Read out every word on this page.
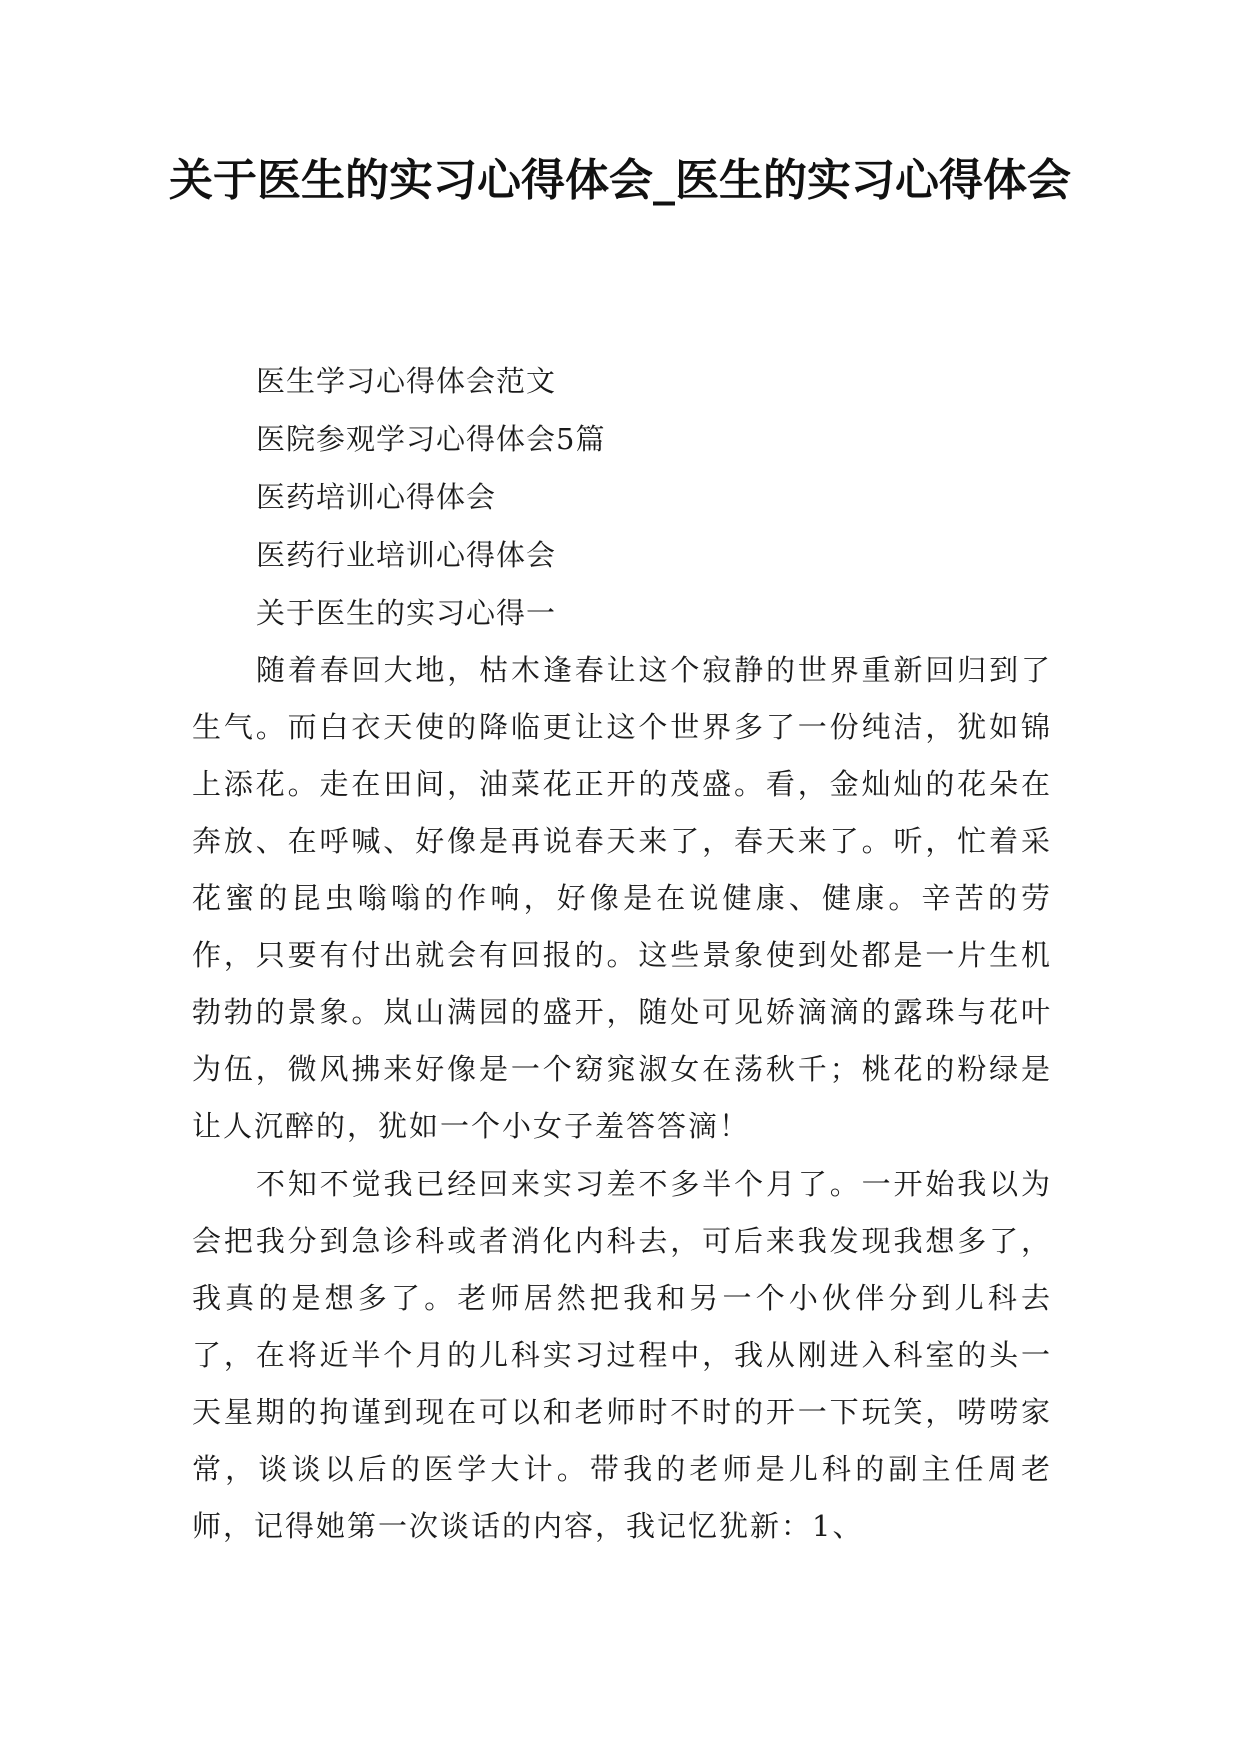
关于医生的实习心得体会_医生的实习心得体会
医生学习心得体会范文
医院参观学习心得体会5篇
医药培训心得体会
医药行业培训心得体会
关于医生的实习心得一

随着春回大地，枯木逢春让这个寂静的世界重新回归到了生气。而白衣天使的降临更让这个世界多了一份纯洁，犹如锦上添花。走在田间，油菜花正开的茂盛。看，金灿灿的花朵在奔放、在呼喊、好像是再说春天来了，春天来了。听，忙着采花蜜的昆虫嗡嗡的作响，好像是在说健康、健康。辛苦的劳作，只要有付出就会有回报的。这些景象使到处都是一片生机勃勃的景象。岚山满园的盛开，随处可见娇滴滴的露珠与花叶为伍，微风拂来好像是一个窈窕淑女在荡秋千；桃花的粉绿是让人沉醉的，犹如一个小女子羞答答滴！

不知不觉我已经回来实习差不多半个月了。一开始我以为会把我分到急诊科或者消化内科去，可后来我发现我想多了，我真的是想多了。老师居然把我和另一个小伙伴分到儿科去了，在将近半个月的儿科实习过程中，我从刚进入科室的头一天星期的拘谨到现在可以和老师时不时的开一下玩笑，唠唠家常，谈谈以后的医学大计。带我的老师是儿科的副主任周老师，记得她第一次谈话的内容，我记忆犹新：1、
